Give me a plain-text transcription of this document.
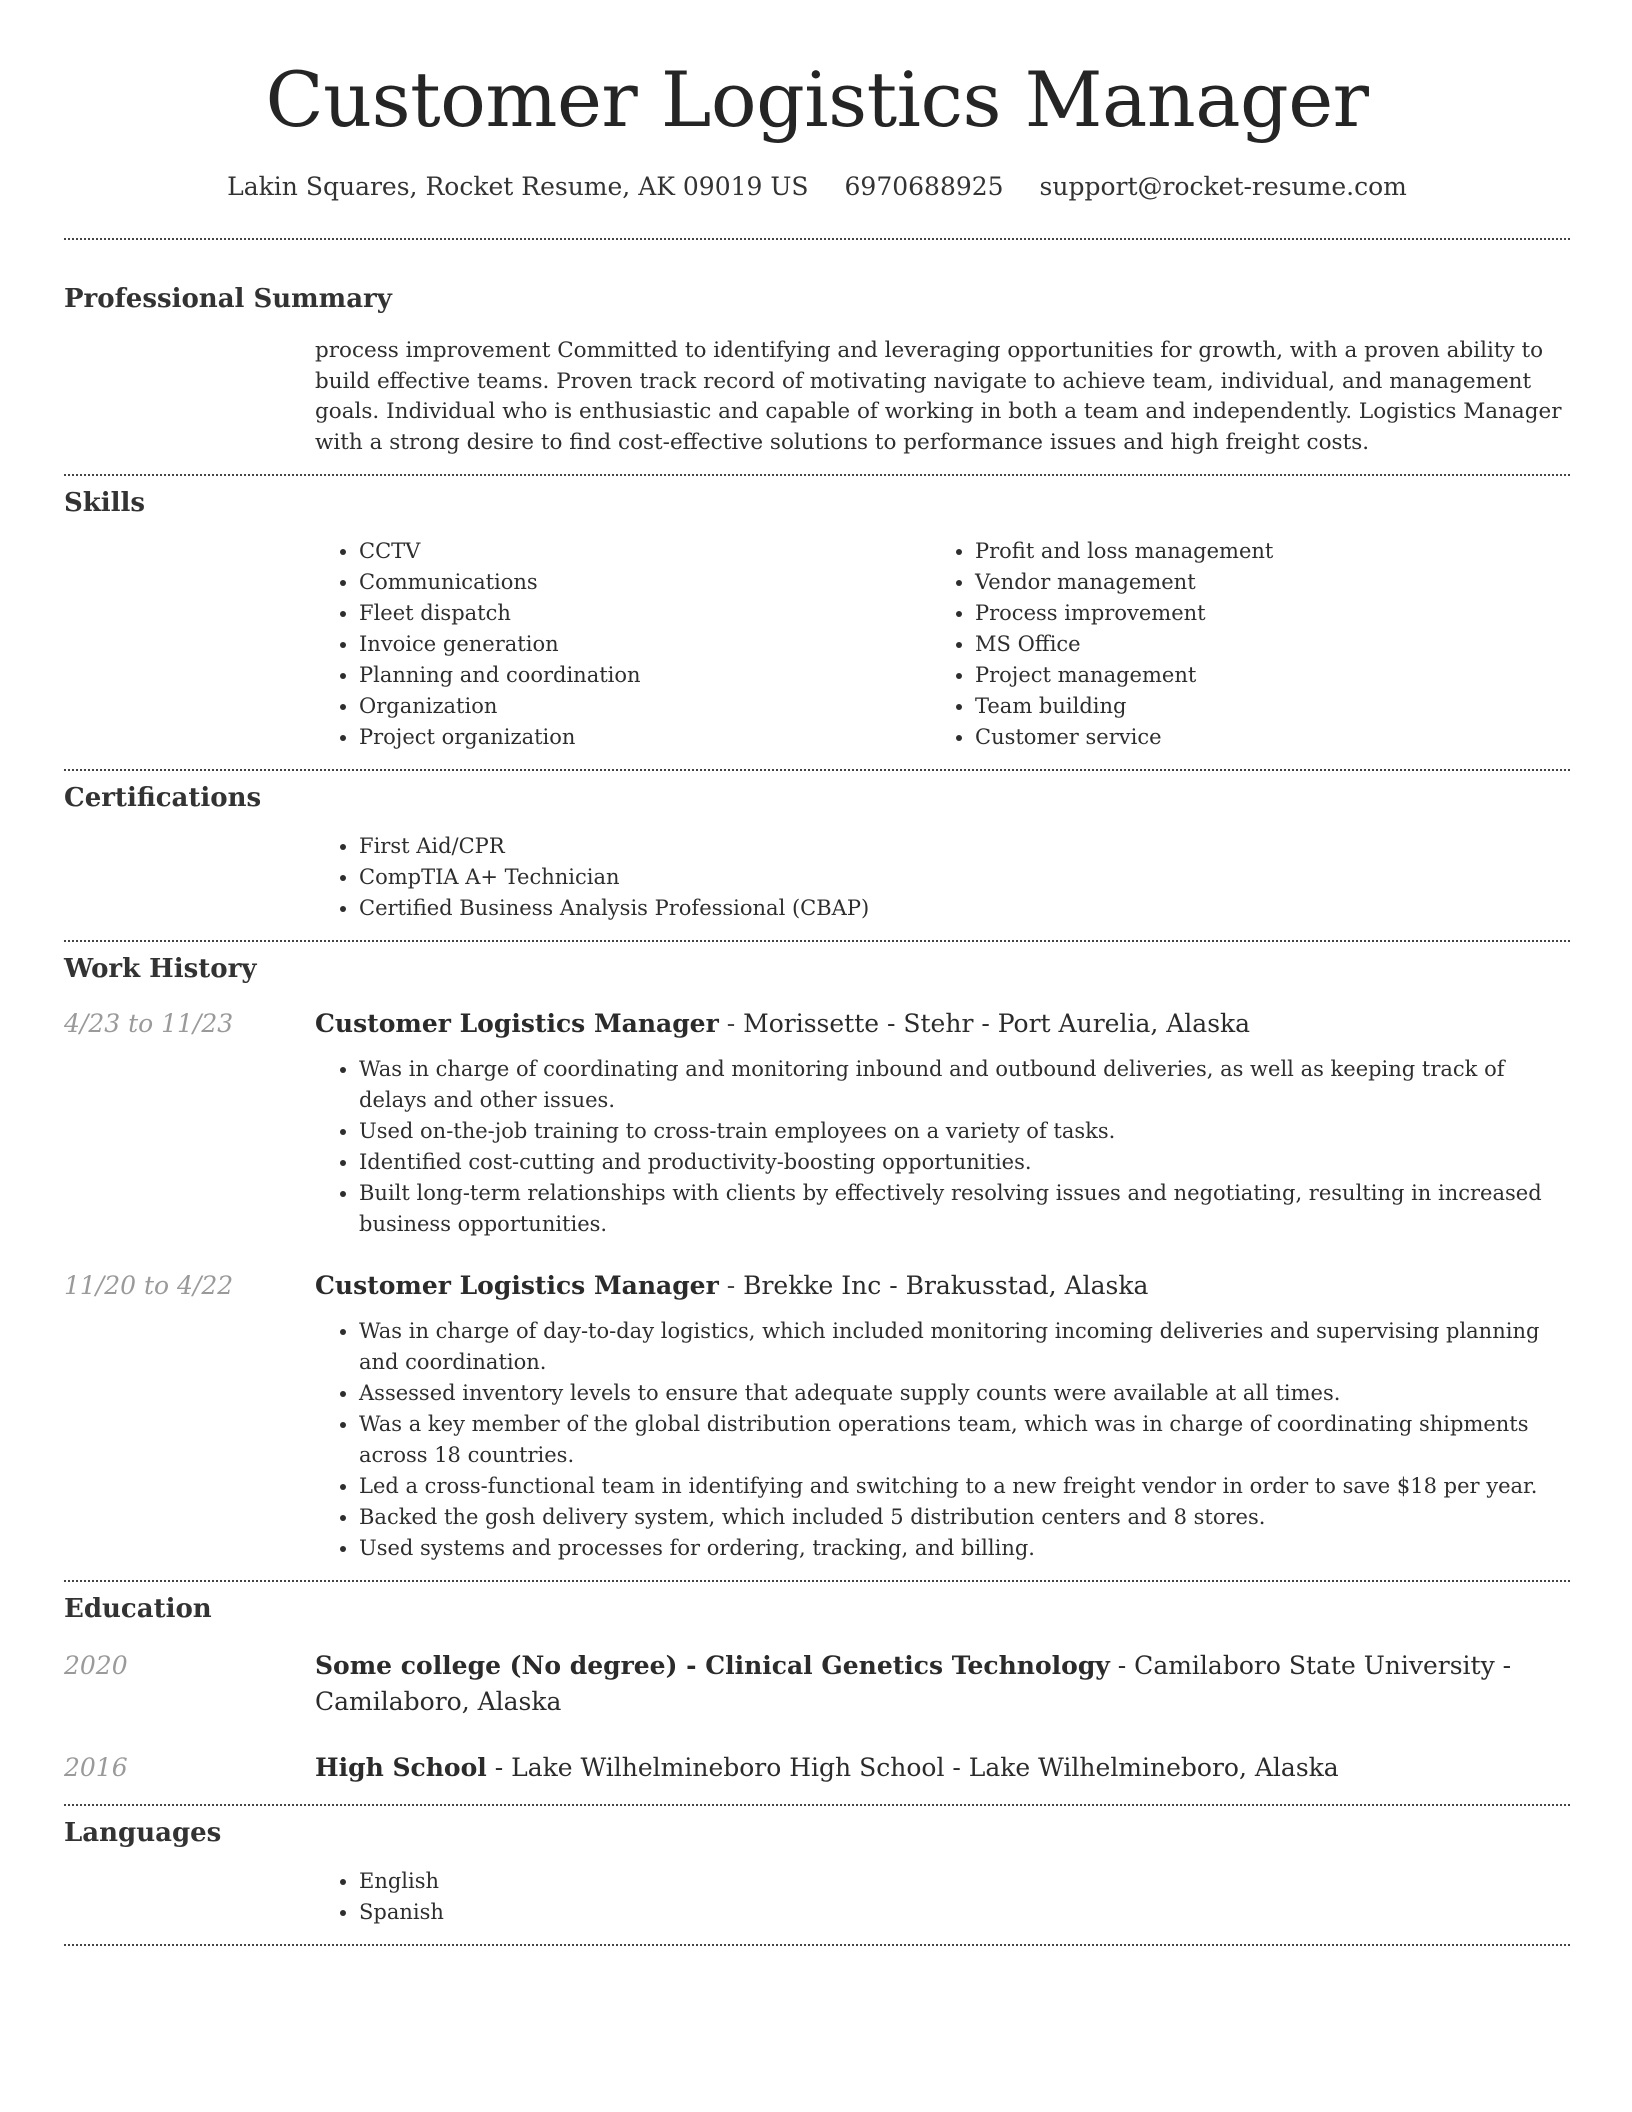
Customer Logistics Manager
Lakin Squares, Rocket Resume, AK 09019 US 6970688925 support@rocket-resume.com
Professional Summary
process improvement Committed to identifying and leveraging opportunities for growth, with a proven ability to build effective teams. Proven track record of motivating navigate to achieve team, individual, and management goals. Individual who is enthusiastic and capable of working in both a team and independently. Logistics Manager with a strong desire to find cost-effective solutions to performance issues and high freight costs.
Skills
• CCTV
• Communications
• Fleet dispatch
• Invoice generation
• Planning and coordination
• Organization
• Project organization
• Profit and loss management
• Vendor management
• Process improvement
• MS Office
• Project management
• Team building
• Customer service
Certifications
• First Aid/CPR
• CompTIA A+ Technician
• Certified Business Analysis Professional (CBAP)
Work History
4/23 to 11/23	Customer Logistics Manager - Morissette - Stehr - Port Aurelia, Alaska
• Was in charge of coordinating and monitoring inbound and outbound deliveries, as well as keeping track of delays and other issues.
• Used on-the-job training to cross-train employees on a variety of tasks.
• Identified cost-cutting and productivity-boosting opportunities.
• Built long-term relationships with clients by effectively resolving issues and negotiating, resulting in increased business opportunities.
11/20 to 4/22	Customer Logistics Manager - Brekke Inc - Brakusstad, Alaska
• Was in charge of day-to-day logistics, which included monitoring incoming deliveries and supervising planning and coordination.
• Assessed inventory levels to ensure that adequate supply counts were available at all times.
• Was a key member of the global distribution operations team, which was in charge of coordinating shipments across 18 countries.
• Led a cross-functional team in identifying and switching to a new freight vendor in order to save $18 per year.
• Backed the gosh delivery system, which included 5 distribution centers and 8 stores.
• Used systems and processes for ordering, tracking, and billing.
Education
2020	Some college (No degree) - Clinical Genetics Technology - Camilaboro State University - Camilaboro, Alaska
2016	High School - Lake Wilhelmineboro High School - Lake Wilhelmineboro, Alaska
Languages
• English
• Spanish
